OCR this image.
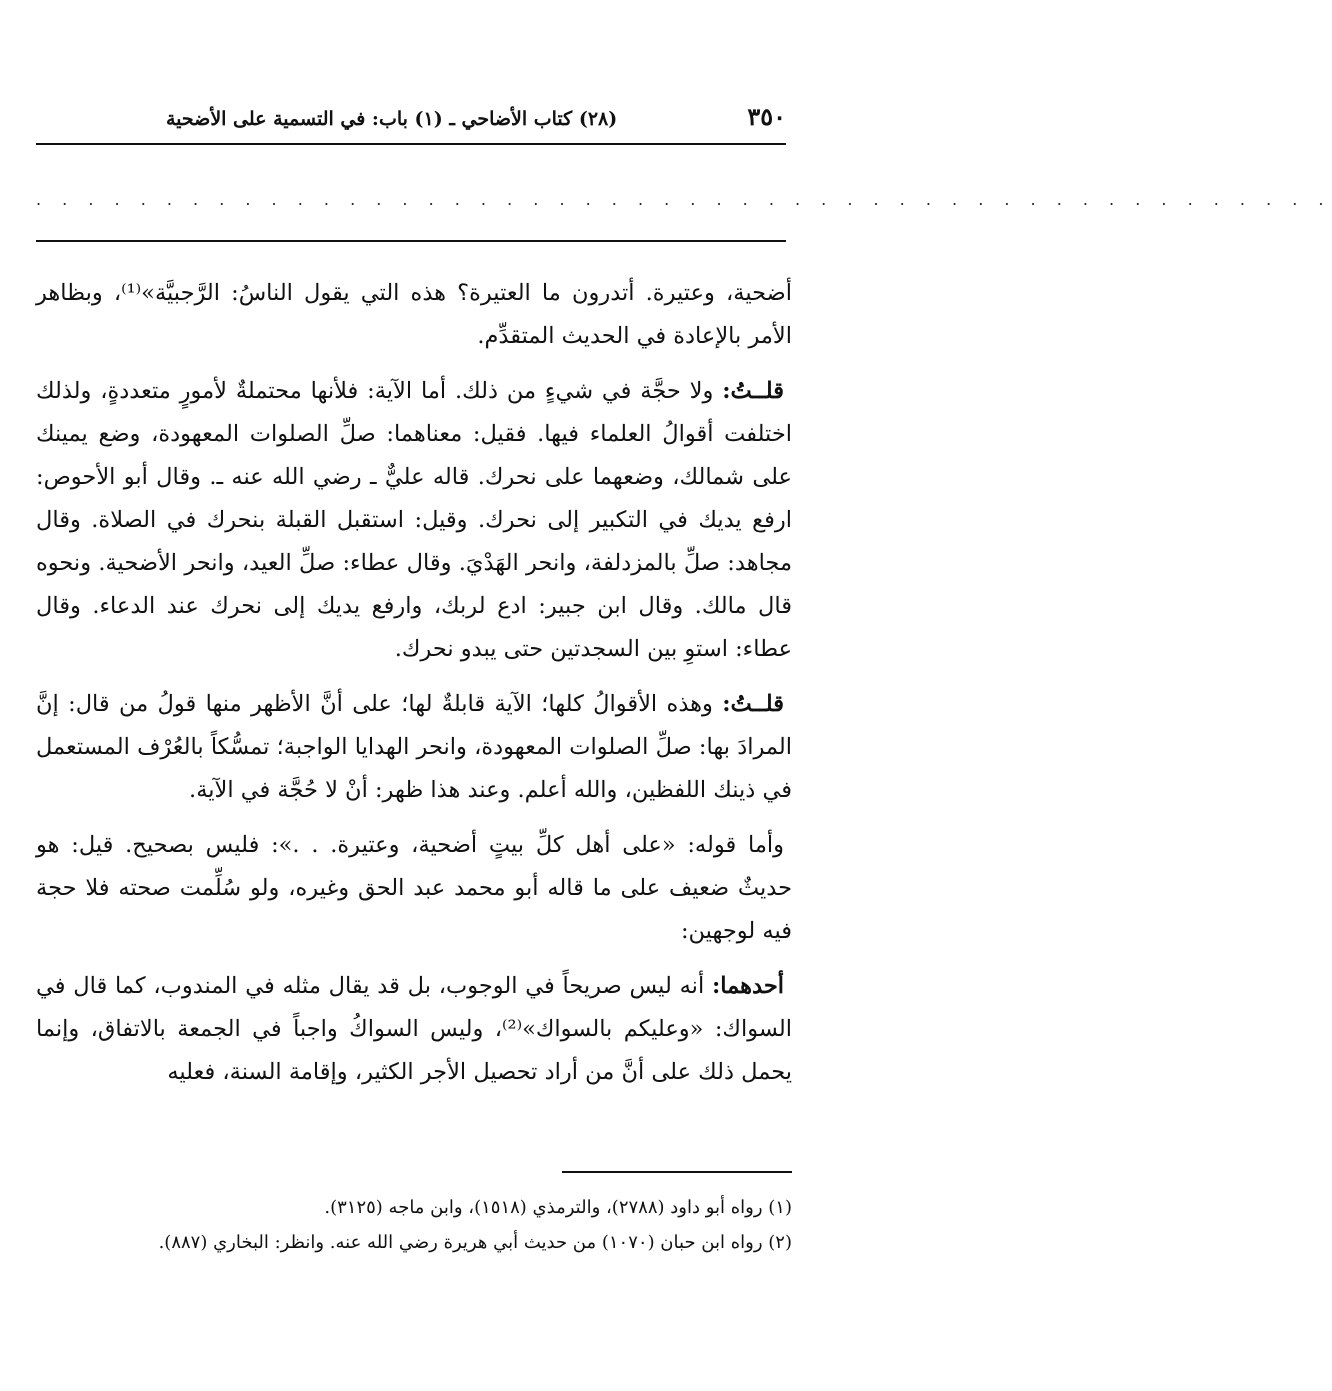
٣٥٠
(٢٨) كتاب الأضاحي ـ (١) باب: في التسمية على الأضحية
. . . . . . . . . . . . . . . . . . . . . . . . . . . . . . . . . . . . . . . . . . . . . . . . . .

أضحية، وعتيرة. أتدرون ما العتيرة؟ هذه التي يقول الناسُ: الرَّجبيَّة»⁽¹⁾، وبظاهر الأمر بالإعادة في الحديث المتقدِّم.

قلــتُ: ولا حجَّة في شيءٍ من ذلك. أما الآية: فلأنها محتملةٌ لأمورٍ متعددةٍ، ولذلك اختلفت أقوالُ العلماء فيها. فقيل: معناهما: صلِّ الصلوات المعهودة، وضع يمينك على شمالك، وضعهما على نحرك. قاله عليٌّ ـ رضي الله عنه ـ. وقال أبو الأحوص: ارفع يديك في التكبير إلى نحرك. وقيل: استقبل القبلة بنحرك في الصلاة. وقال مجاهد: صلِّ بالمزدلفة، وانحر الهَدْيَ. وقال عطاء: صلِّ العيد، وانحر الأضحية. ونحوه قال مالك. وقال ابن جبير: ادع لربك، وارفع يديك إلى نحرك عند الدعاء. وقال عطاء: استوِ بين السجدتين حتى يبدو نحرك.

قلــتُ: وهذه الأقوالُ كلها؛ الآية قابلةٌ لها؛ على أنَّ الأظهر منها قولُ من قال: إنَّ المرادَ بها: صلِّ الصلوات المعهودة، وانحر الهدايا الواجبة؛ تمسُّكاً بالعُرْف المستعمل في ذينك اللفظين، والله أعلم. وعند هذا ظهر: أنْ لا حُجَّة في الآية.

وأما قوله: «على أهل كلِّ بيتٍ أضحية، وعتيرة. . .»: فليس بصحيح. قيل: هو حديثٌ ضعيف على ما قاله أبو محمد عبد الحق وغيره، ولو سُلِّمت صحته فلا حجة فيه لوجهين:

أحدهما: أنه ليس صريحاً في الوجوب، بل قد يقال مثله في المندوب، كما قال في السواك: «وعليكم بالسواك»⁽²⁾، وليس السواكُ واجباً في الجمعة بالاتفاق، وإنما يحمل ذلك على أنَّ من أراد تحصيل الأجر الكثير، وإقامة السنة، فعليه

(١) رواه أبو داود (٢٧٨٨)، والترمذي (١٥١٨)، وابن ماجه (٣١٢٥).

(٢) رواه ابن حبان (١٠٧٠) من حديث أبي هريرة رضي الله عنه. وانظر: البخاري (٨٨٧).
